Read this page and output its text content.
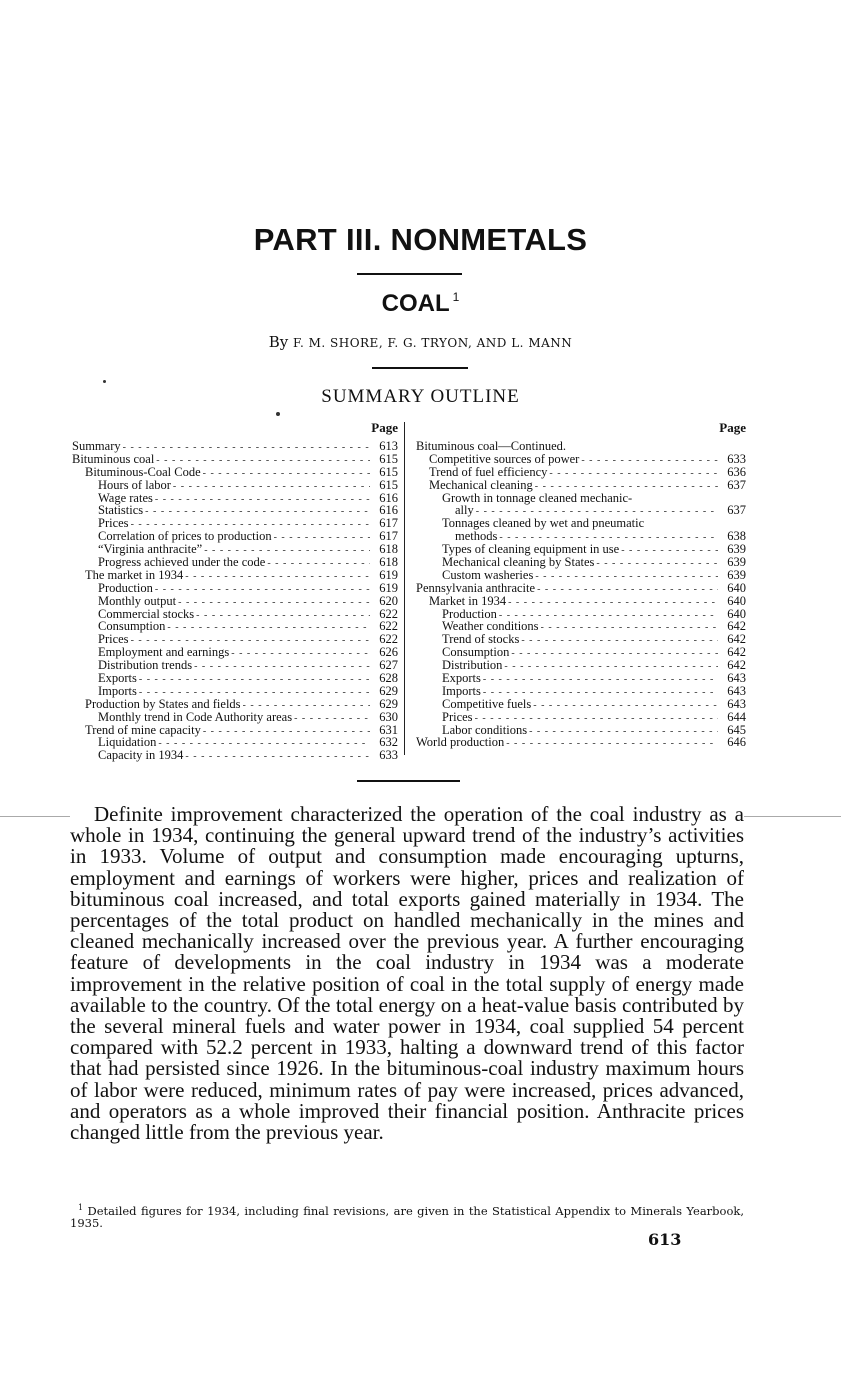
PART III. NONMETALS
COAL $^1$
By F. M. SHORE, F. G. TRYON, AND L. MANN
SUMMARY OUTLINE
Page
Summary - - -	613
Bituminous coal - - -	615
Bituminous-Coal Code - - -	615
Hours of labor - - -	615
Wage rates - - -	616
Statistics - - -	616
Prices - - -	617
Correlation of prices to production - - -	617
“Virginia anthracite” - - -	618
Progress achieved under the code - - -	618
The market in 1934 - - -	619
Production - - -	619
Monthly output - - -	620
Commercial stocks - - -	622
Consumption - - -	622
Prices - - -	622
Employment and earnings - - -	626
Distribution trends - - -	627
Exports - - -	628
Imports - - -	629
Production by States and fields - - -	629
Monthly trend in Code Authority areas - - -	630
Trend of mine capacity - - -	631
Liquidation - - -	632
Capacity in 1934 - - -	633
Page
Bituminous coal—Continued.
Competitive sources of power - - -	633
Trend of fuel efficiency - - -	636
Mechanical cleaning - - -	637
Growth in tonnage cleaned mechanic-
ally - - -	637
Tonnages cleaned by wet and pneumatic
methods - - -	638
Types of cleaning equipment in use - - -	639
Mechanical cleaning by States - - -	639
Custom washeries - - -	639
Pennsylvania anthracite - - -	640
Market in 1934 - - -	640
Production - - -	640
Weather conditions - - -	642
Trend of stocks - - -	642
Consumption - - -	642
Distribution - - -	642
Exports - - -	643
Imports - - -	643
Competitive fuels - - -	643
Prices - - -	644
Labor conditions - - -	645
World production - - -	646
Definite improvement characterized the operation of the coal industry as a whole in 1934, continuing the general upward trend of the industry’s activities in 1933. Volume of output and consumption made encouraging upturns, employment and earnings of workers were higher, prices and realization of bituminous coal increased, and total exports gained materially in 1934. The percentages of the total product on handled mechanically in the mines and cleaned mechanically increased over the previous year. A further encouraging feature of developments in the coal industry in 1934 was a moderate improvement in the relative position of coal in the total supply of energy made available to the country. Of the total energy on a heat-value basis contributed by the several mineral fuels and water power in 1934, coal supplied 54 percent compared with 52.2 percent in 1933, halting a downward trend of this factor that had persisted since 1926. In the bituminous-coal industry maximum hours of labor were reduced, minimum rates of pay were increased, prices advanced, and operators as a whole improved their financial position. Anthracite prices changed little from the previous year.
$^1$ Detailed figures for 1934, including final revisions, are given in the Statistical Appendix to Minerals Yearbook, 1935.
613
